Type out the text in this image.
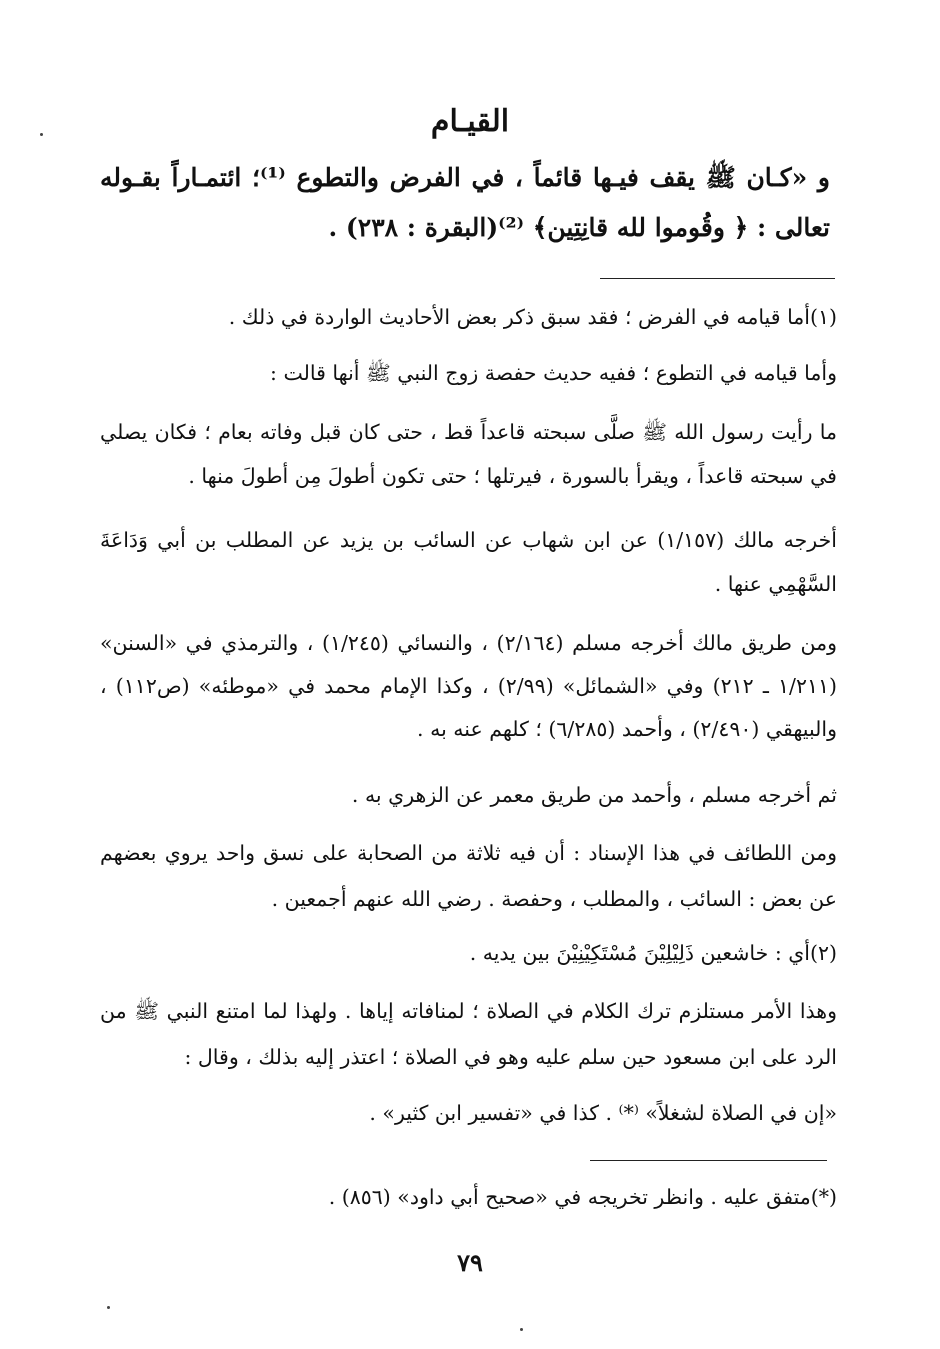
القيـام
و «كـان ﷺ يقف فيـها قائماً ، في الفرض والتطوع ⁽¹⁾؛ ائتمـاراً بقـوله تعالى : ﴿ وقُوموا لله قانِتِين﴾ ⁽²⁾(البقرة : ٢٣٨) .
(١)أما قيامه في الفرض ؛ فقد سبق ذكر بعض الأحاديث الواردة في ذلك .
وأما قيامه في التطوع ؛ ففيه حديث حفصة زوج النبي ﷺ أنها قالت :
ما رأيت رسول الله ﷺ صلَّى سبحته قاعداً قط ، حتى كان قبل وفاته بعام ؛ فكان يصلي في سبحته قاعداً ، ويقرأ بالسورة ، فيرتلها ؛ حتى تكون أطولَ مِن أطولَ منها .
أخرجه مالك (١/١٥٧) عن ابن شهاب عن السائب بن يزيد عن المطلب بن أبي وَدَاعَةَ السَّهْمِي عنها .
ومن طريق مالك أخرجه مسلم (٢/١٦٤) ، والنسائي (١/٢٤٥) ، والترمذي في «السنن» (١/٢١١ ـ ٢١٢) وفي «الشمائل» (٢/٩٩) ، وكذا الإمام محمد في «موطئه» (ص١١٢) ، والبيهقي (٢/٤٩٠) ، وأحمد (٦/٢٨٥) ؛ كلهم عنه به .
ثم أخرجه مسلم ، وأحمد من طريق معمر عن الزهري به .
ومن اللطائف في هذا الإسناد : أن فيه ثلاثة من الصحابة على نسق واحد يروي بعضهم عن بعض : السائب ، والمطلب ، وحفصة . رضي الله عنهم أجمعين .
(٢)أي : خاشعين ذَلِيْلِيْنَ مُسْتَكِيْنِيْنَ بين يديه .
وهذا الأمر مستلزم ترك الكلام في الصلاة ؛ لمنافاته إياها . ولهذا لما امتنع النبي ﷺ من الرد على ابن مسعود حين سلم عليه وهو في الصلاة ؛ اعتذر إليه بذلك ، وقال :
«إن في الصلاة لشغلاً» ⁽*⁾ . كذا في «تفسير ابن كثير» .
(*)متفق عليه . وانظر تخريجه في «صحيح أبي داود» (٨٥٦) .
٧٩
